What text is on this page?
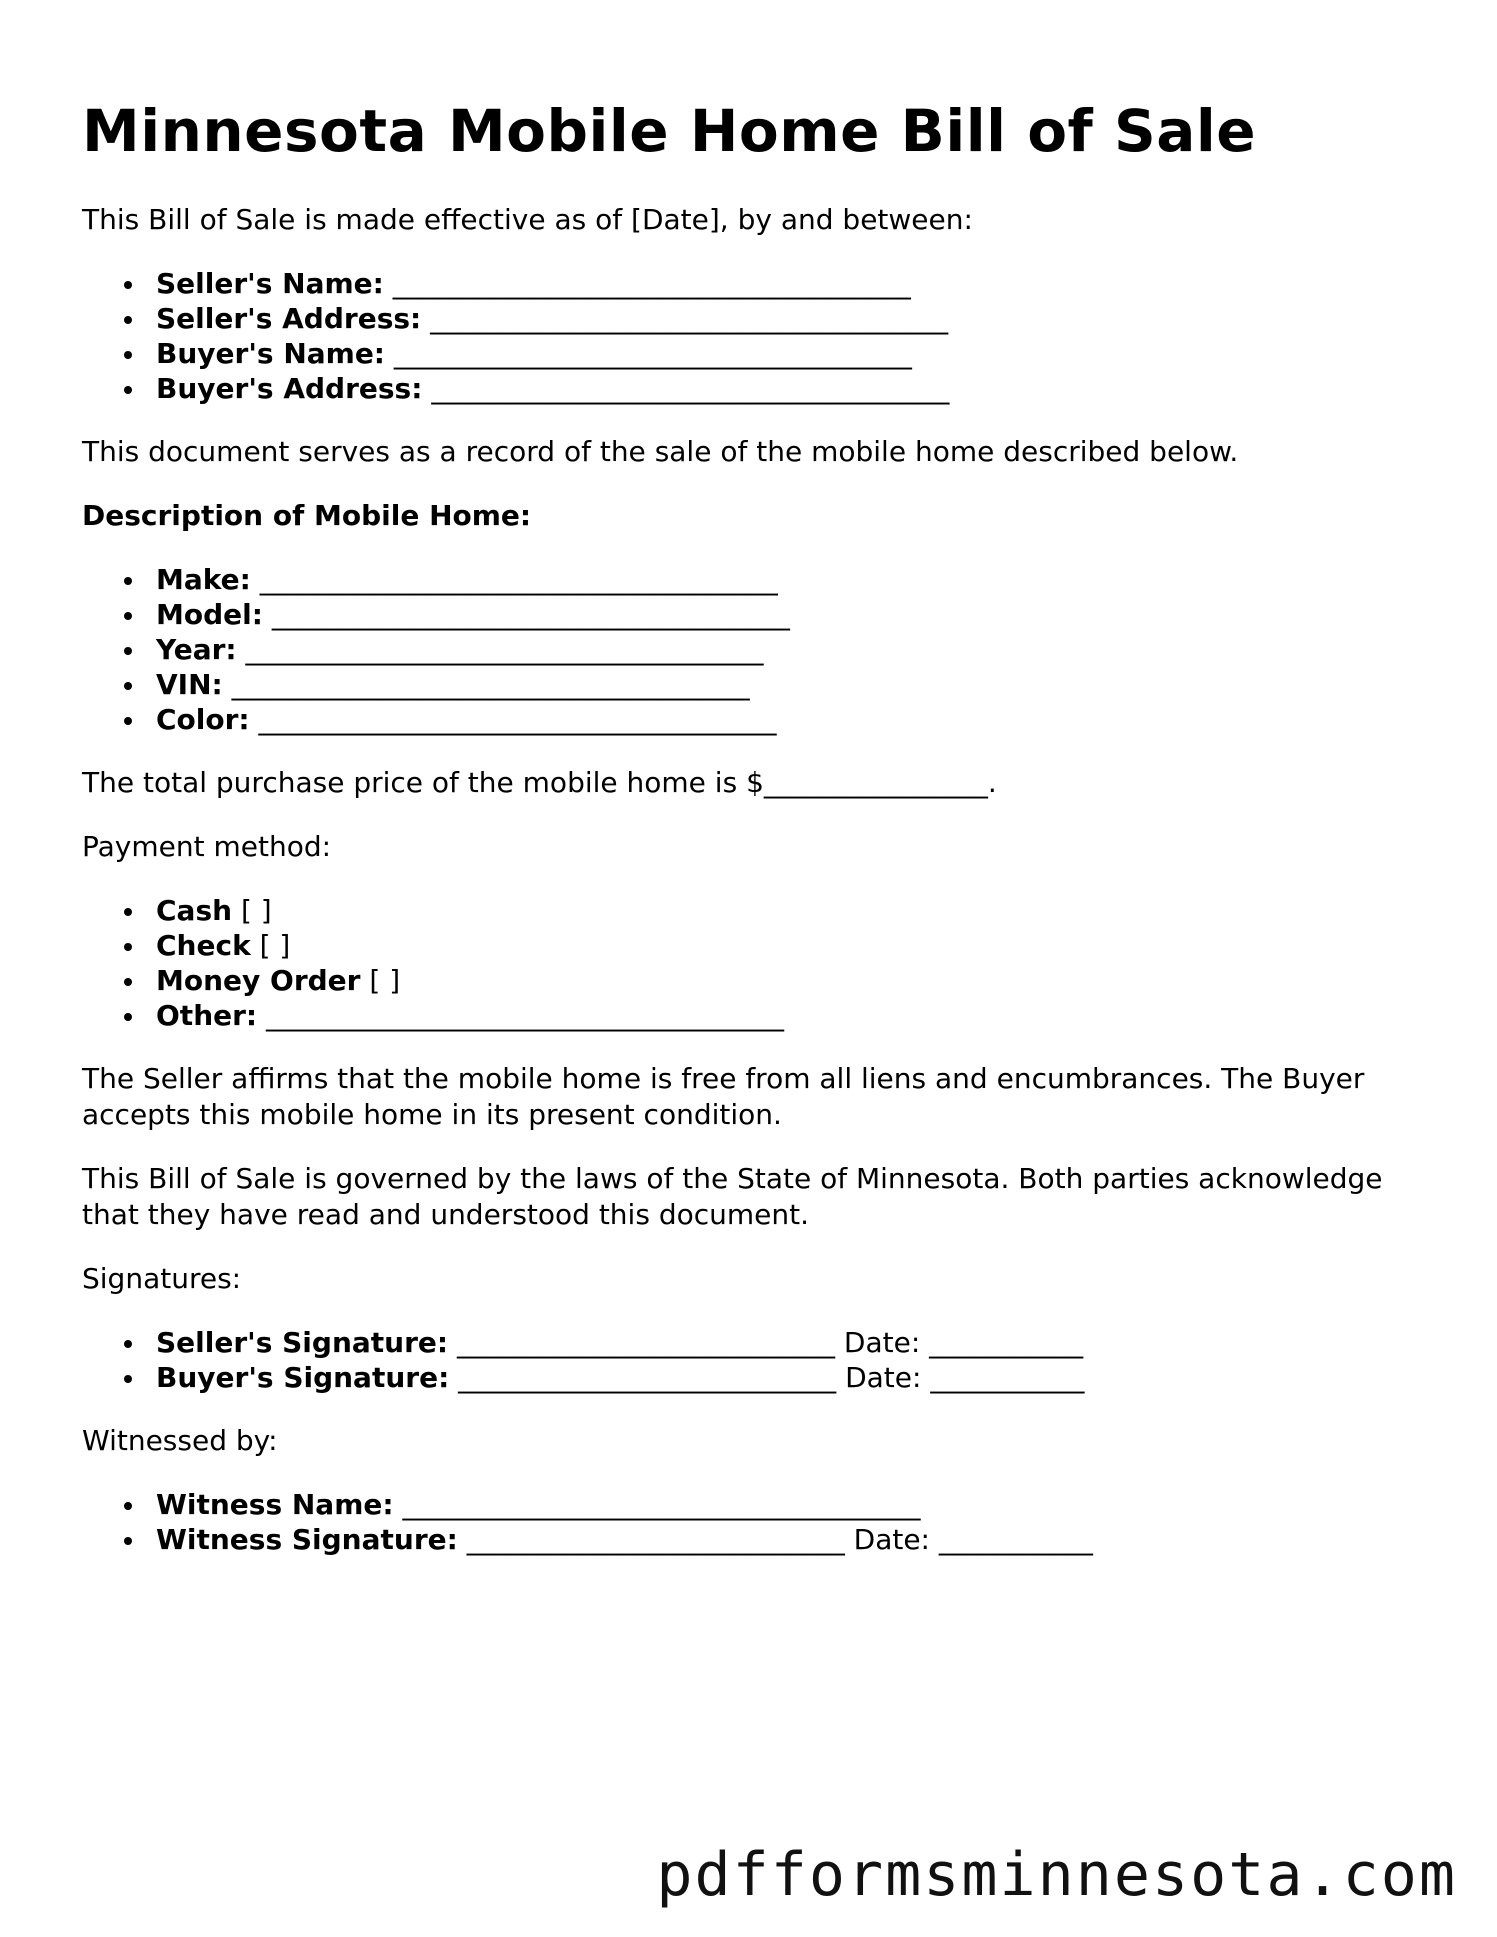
Minnesota Mobile Home Bill of Sale

This Bill of Sale is made effective as of [Date], by and between:

Seller's Name: _____________________________________
Seller's Address: _____________________________________
Buyer's Name: _____________________________________
Buyer's Address: _____________________________________

This document serves as a record of the sale of the mobile home described below.

Description of Mobile Home:

Make: _____________________________________
Model: _____________________________________
Year: _____________________________________
VIN: _____________________________________
Color: _____________________________________

The total purchase price of the mobile home is $________________.

Payment method:

Cash [ ]
Check [ ]
Money Order [ ]
Other: _____________________________________

The Seller affirms that the mobile home is free from all liens and encumbrances. The Buyer accepts this mobile home in its present condition.

This Bill of Sale is governed by the laws of the State of Minnesota. Both parties acknowledge that they have read and understood this document.

Signatures:

Seller's Signature: ___________________________ Date: ___________
Buyer's Signature: ___________________________ Date: ___________

Witnessed by:

Witness Name: _____________________________________
Witness Signature: ___________________________ Date: ___________
pdfformsminnesota.com
